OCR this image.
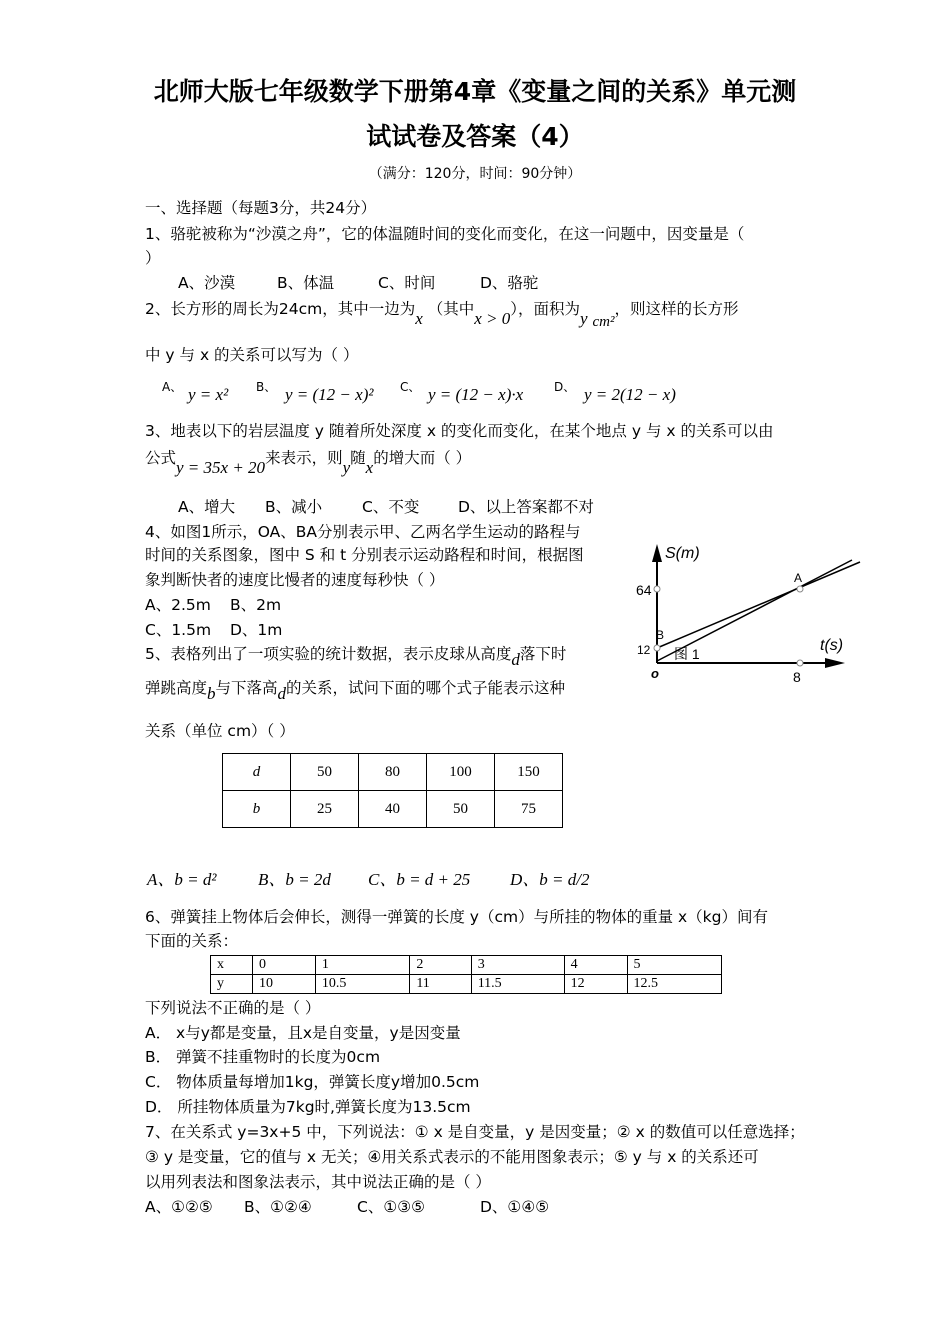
北师大版七年级数学下册第4章《变量之间的关系》单元测
试试卷及答案（4）
（满分：120分，时间：90分钟）
一、选择题（每题3分，共24分）
1、骆驼被称为“沙漠之舟”，它的体温随时间的变化而变化，在这一问题中，因变量是（
）
A、沙漠	B、体温	C、时间	D、骆驼
2、长方形的周长为24cm，其中一边为x （其中x > 0），面积为y cm²，则这样的长方形
中 y 与 x 的关系可以写为（ ）
A、 y = x² B、 y = (12 − x)² C、 y = (12 − x)·x	D、 y = 2(12 − x)
3、地表以下的岩层温度 y 随着所处深度 x 的变化而变化，在某个地点 y 与 x 的关系可以由
公式y = 35x + 20来表示，则y随x的增大而（ ）
A、增大 B、减小	C、不变 D、以上答案都不对
4、如图1所示，OA、BA分别表示甲、乙两名学生运动的路程与
时间的关系图象，图中 S 和 t 分别表示运动路程和时间，根据图
象判断快者的速度比慢者的速度每秒快（ ）
A、2.5m B、2m
C、1.5m D、1m
S(m)
t(s)
64
12
8
o
A
B
图 1
5、表格列出了一项实验的统计数据，表示皮球从高度d落下时
弹跳高度b与下落高d的关系，试问下面的哪个式子能表示这种
关系（单位 cm）（ ）
d	50	80	100	150
b	25	40	50	75
A、b = d² B、b = 2d C、b = d + 25 D、b = d/2
6、弹簧挂上物体后会伸长，测得一弹簧的长度 y（cm）与所挂的物体的重量 x（kg）间有
下面的关系：
x	0	1	2	3	4	5
y	10	10.5	11	11.5	12	12.5
下列说法不正确的是（ ）
A． x与y都是变量，且x是自变量，y是因变量
B． 弹簧不挂重物时的长度为0cm
C． 物体质量每增加1kg，弹簧长度y增加0.5cm
D． 所挂物体质量为7kg时,弹簧长度为13.5cm
7、在关系式 y=3x+5 中，下列说法：① x 是自变量，y 是因变量；② x 的数值可以任意选择；
③ y 是变量，它的值与 x 无关；④用关系式表示的不能用图象表示；⑤ y 与 x 的关系还可
以用列表法和图象法表示，其中说法正确的是（ ）
A、①②⑤ B、①②④	C、①③⑤	D、①④⑤
